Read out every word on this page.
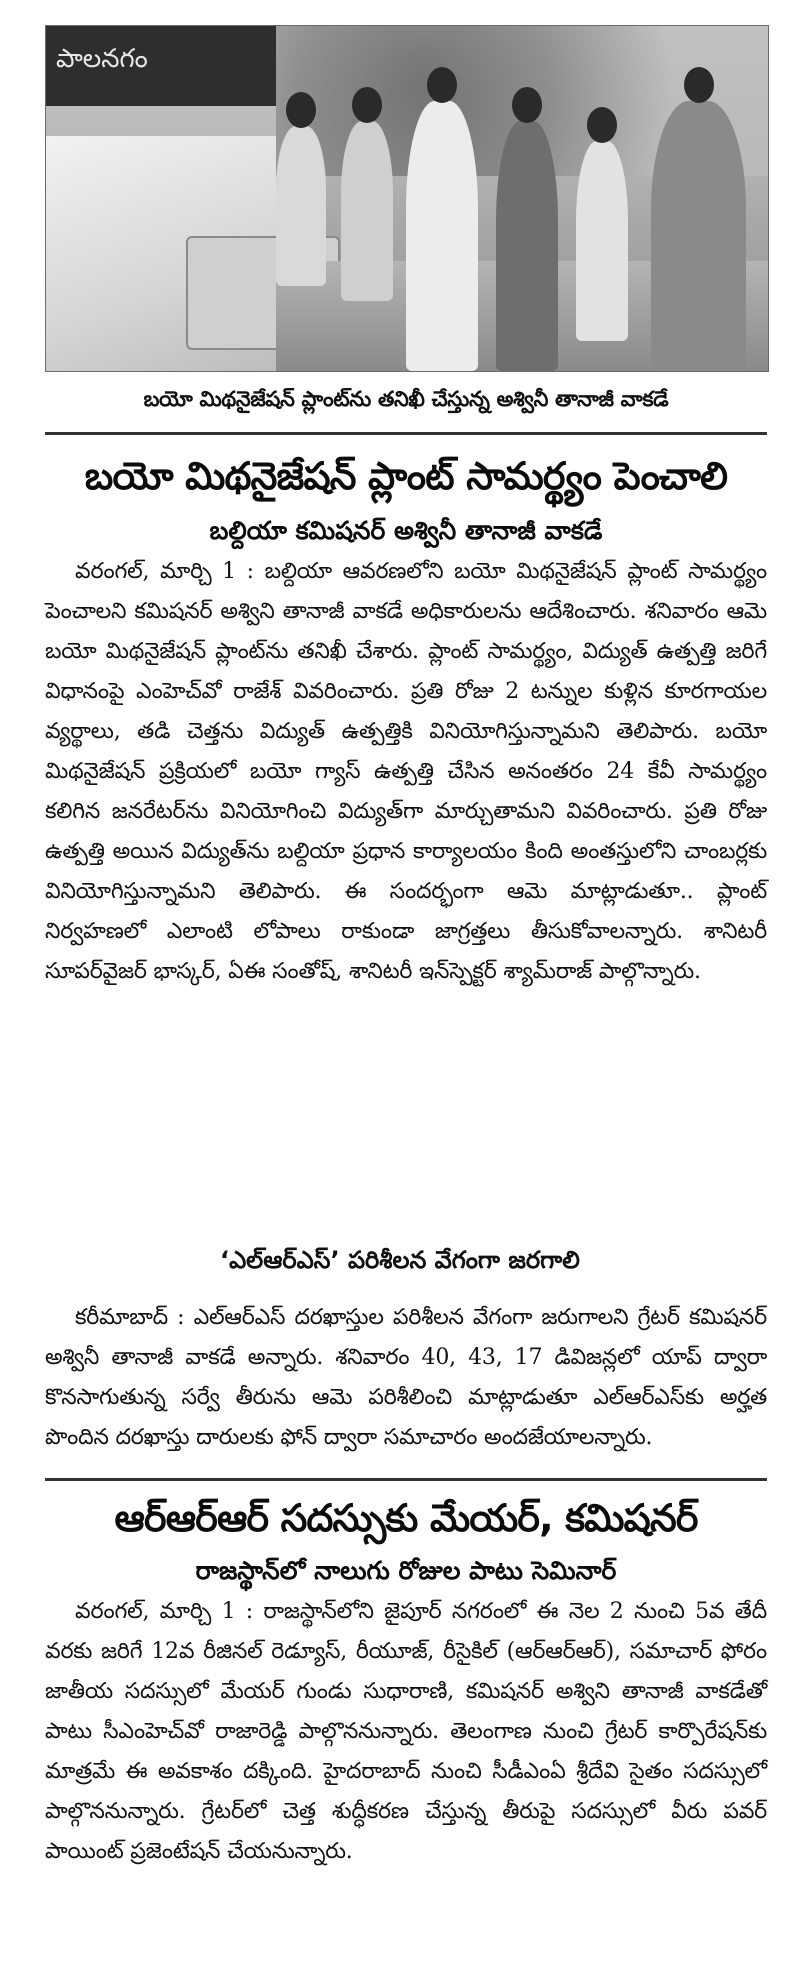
పాలనగం
బయో మిథనైజేషన్ ప్లాంట్‌ను తనిఖీ చేస్తున్న అశ్వినీ తానాజీ వాకడే
బయో మిథనైజేషన్ ప్లాంట్ సామర్థ్యం పెంచాలి
బల్దియా కమిషనర్ అశ్వినీ తానాజీ వాకడే
వరంగల్, మార్చి 1 : బల్దియా ఆవరణలోని బయో మిథనైజేషన్ ప్లాంట్ సామర్థ్యం పెంచాలని కమిషనర్ అశ్విని తానాజీ వాకడే అధికారులను ఆదేశించారు. శనివారం ఆమె బయో మిథనైజేషన్ ప్లాంట్‌ను తనిఖీ చేశారు. ప్లాంట్ సామర్థ్యం, విద్యుత్ ఉత్పత్తి జరిగే విధానంపై ఎంహెచ్‌వో రాజేశ్ వివరించారు. ప్రతి రోజు 2 టన్నుల కుళ్లిన కూరగాయల వ్యర్థాలు, తడి చెత్తను విద్యుత్ ఉత్పత్తికి వినియోగిస్తున్నామని తెలిపారు. బయో మిథనైజేషన్ ప్రక్రియలో బయో గ్యాస్ ఉత్పత్తి చేసిన అనంతరం 24 కేవీ సామర్థ్యం కలిగిన జనరేటర్‌ను వినియోగించి విద్యుత్‌గా మార్చుతామని వివరించారు. ప్రతి రోజు ఉత్పత్తి అయిన విద్యుత్‌ను బల్దియా ప్రధాన కార్యాలయం కింది అంతస్తులోని చాంబర్లకు వినియోగిస్తున్నామని తెలిపారు. ఈ సందర్భంగా ఆమె మాట్లాడుతూ.. ప్లాంట్ నిర్వహణలో ఎలాంటి లోపాలు రాకుండా జాగ్రత్తలు తీసుకోవాలన్నారు. శానిటరీ సూపర్‌వైజర్ భాస్కర్, ఏఈ సంతోష్, శానిటరీ ఇన్‌స్పెక్టర్ శ్యామ్‌రాజ్ పాల్గొన్నారు.
‘ఎల్‌ఆర్‌ఎస్’ పరిశీలన వేగంగా జరగాలి
కరీమాబాద్ : ఎల్‌ఆర్‌ఎస్ దరఖాస్తుల పరిశీలన వేగంగా జరుగాలని గ్రేటర్ కమిషనర్ అశ్వినీ తానాజీ వాకడే అన్నారు. శనివారం 40, 43, 17 డివిజన్లలో యాప్ ద్వారా కొనసాగుతున్న సర్వే తీరును ఆమె పరిశీలించి మాట్లాడుతూ ఎల్‌ఆర్‌ఎస్‌కు అర్హత పొందిన దరఖాస్తు దారులకు ఫోన్ ద్వారా సమాచారం అందజేయాలన్నారు.
ఆర్‌ఆర్‌ఆర్ సదస్సుకు మేయర్, కమిషనర్
రాజస్థాన్‌లో నాలుగు రోజుల పాటు సెమినార్
వరంగల్, మార్చి 1 : రాజస్థాన్‌లోని జైపూర్ నగరంలో ఈ నెల 2 నుంచి 5వ తేదీ వరకు జరిగే 12వ రీజినల్ రెడ్యూస్, రీయూజ్, రీసైకిల్ (ఆర్‌ఆర్‌ఆర్), సమాచార్ ఫోరం జాతీయ సదస్సులో మేయర్ గుండు సుధారాణి, కమిషనర్ అశ్విని తానాజీ వాకడేతో పాటు సీఎంహెచ్‌వో రాజారెడ్డి పాల్గొననున్నారు. తెలంగాణ నుంచి గ్రేటర్ కార్పొరేషన్‌కు మాత్రమే ఈ అవకాశం దక్కింది. హైదరాబాద్ నుంచి సీడీఎంఏ శ్రీదేవి సైతం సదస్సులో పాల్గొననున్నారు. గ్రేటర్‌లో చెత్త శుద్ధీకరణ చేస్తున్న తీరుపై సదస్సులో వీరు పవర్ పాయింట్ ప్రజెంటేషన్ చేయనున్నారు.
